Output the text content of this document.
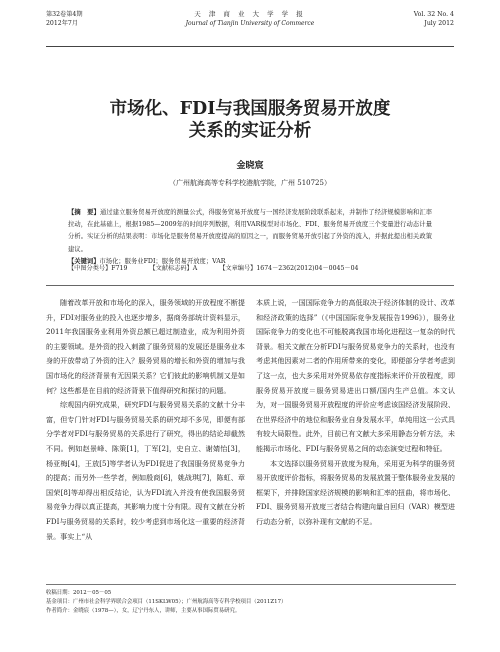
第32卷第4期
2012年7月
天 津 商 业 大 学 学 报
Journal of Tianjin University of Commerce
Vol. 32 No. 4
July 2012
市场化、FDI与我国服务贸易开放度
关系的实证分析
金晓宸
（广州航海高等专科学校港航学院，广州 510725）
【摘　要】通过建立服务贸易开放度的测量公式，得服务贸易开放度与一国经济发展阶段联系起来，并制作了经济规模影响和汇率拉动，在此基础上，根据1985—2009年的时间序列数据，利用VAR模型对市场化、FDI、服务贸易开放度三个变量进行动态计量分析。实证分析的结果表明：市场化是服务贸易开放度提高的原因之一，而服务贸易开放引起了外资的流入，并据此提出相关政策建议。
【关键词】市场化；服务业FDI；服务贸易开放度；VAR
【中图分类号】F719	【文献标志码】A	【文章编号】1674－2362(2012)04－0045－04

随着改革开放和市场化的深入，服务领域的开放程度不断提升，FDI对服务业的投入也逐步增多，据商务部统计资料显示，2011年我国服务业利用外资总额已超过制造业，成为利用外资的主要领域。是外资的投入刺激了服务贸易的发展还是服务业本身的开放带动了外资的注入？服务贸易的增长和外资的增加与我国市场化的经济背景有无因果关系？它们彼此的影响机制又是如何？这些都是在目前的经济背景下值得研究和探讨的问题。

综观国内研究成果，研究FDI与服务贸易关系的文献十分丰富，但专门针对FDI与服务贸易关系的研究却不多见，即便有部分学者对FDI与服务贸易的关系进行了研究，得出的结论却截然不同。例如赵景峰、陈策[1]，丁军[2]，史自立、谢婧怡[3]，杨亚梅[4]，王放[5]等学者认为FDI促进了我国服务贸易竞争力的提高；而另外一些学者，例如殷商[6]，姚战琪[7]，陈虹、章国荣[8]等却得出相反结论，认为FDI流入并没有使我国服务贸易竞争力得以真正提高，其影响力度十分有限。现有文献在分析FDI与服务贸易的关系时，较少考虑到市场化这一重要的经济背景。事实上“从

本质上说，一国国际竞争力的高低取决于经济体制的设计、改革和经济政策的选择”（《中国国际竞争发展报告1996》），服务业国际竞争力的变化也不可能脱离我国市场化进程这一复杂的时代背景。相关文献在分析FDI与服务贸易竞争力的关系时，也没有考虑其他因素对二者的作用所带来的变化，即便部分学者考虑到了这一点，也大多采用对外贸易依存度指标来评价开放程度，即服务贸易开放度＝服务贸易进出口额/国内生产总值。本文认为，对一国服务贸易开放程度的评价应考虑该国经济发展阶段、在世界经济中的地位和服务业自身发展水平，单纯用这一公式具有较大局限性。此外，目前已有文献大多采用静态分析方法，未能揭示市场化、FDI与服务贸易之间的动态演变过程和特征。

本文选择以服务贸易开放度为视角，采用更为科学的服务贸易开放度评价指标，将服务贸易的发展放置于整体服务业发展的框架下，并排除国家经济规模的影响和汇率的扭曲，将市场化、FDI、服务贸易开放度三者结合构建向量自回归（VAR）模型进行动态分析，以弥补现有文献的不足。

收稿日期：2012－05－05
基金项目：广州市社会科学界联合会项目（11SKLW05）；广州航海高等专科学校项目（2011Z17）
作者简介：金晓宸（1978—），女，辽宁丹东人，讲师，主要从事国际贸易研究。
